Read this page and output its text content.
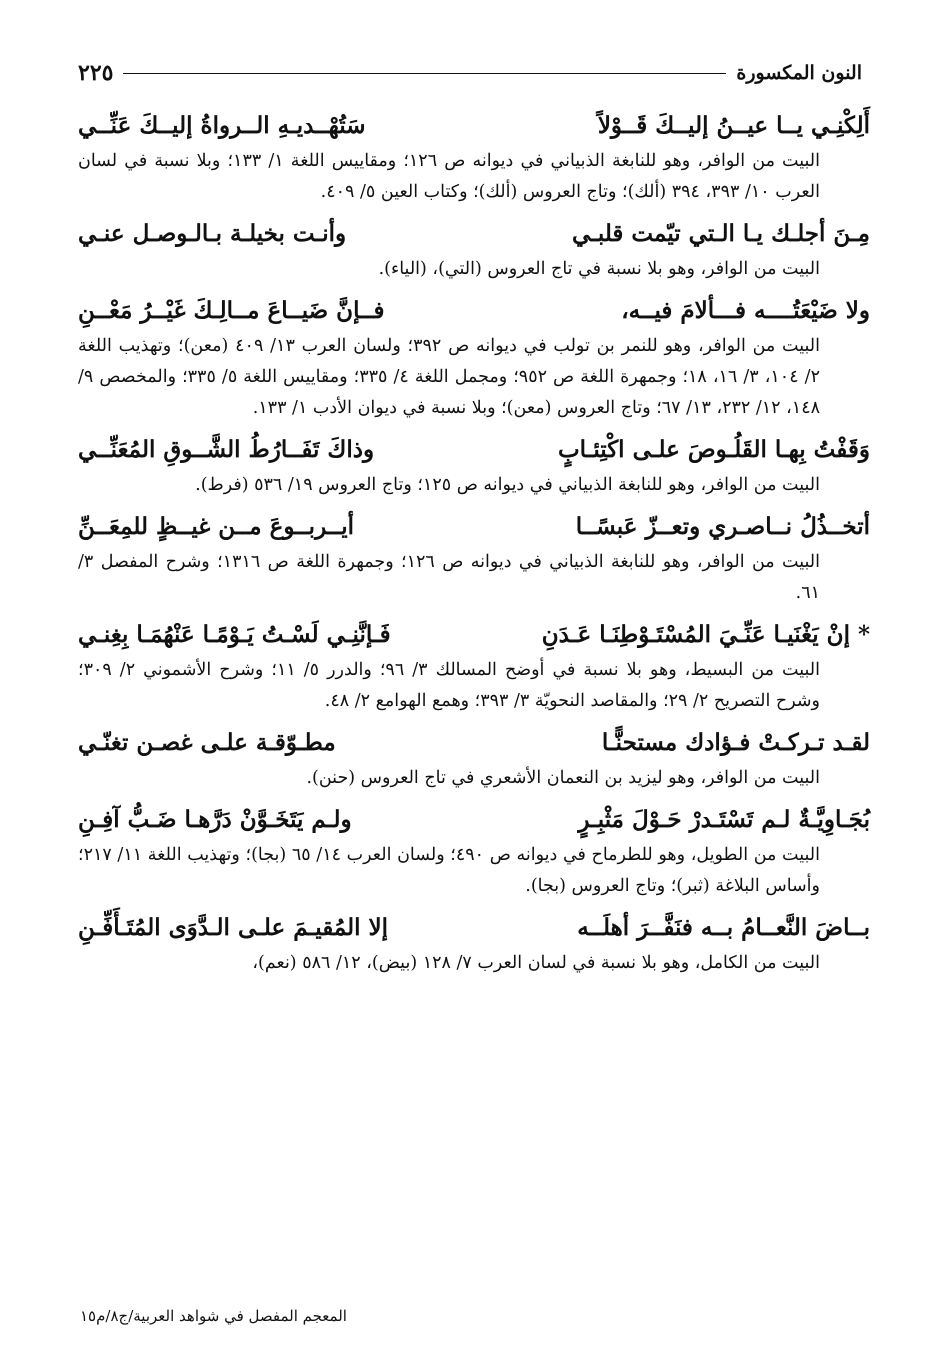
النون المكسورة
٢٢٥
أَلِكْنِـي يــا عيــنُ إليــكَ قَــوْلاً
سَتُهْــديـهِ الــرواةُ إليــكَ عَنِّــي
البيت من الوافر، وهو للنابغة الذبياني في ديوانه ص ١٢٦؛ ومقاييس اللغة ١/ ١٣٣؛ وبلا نسبة في لسان العرب ١٠/ ٣٩٣، ٣٩٤ (ألك)؛ وتاج العروس (ألك)؛ وكتاب العين ٥/ ٤٠٩.
مِـنَ أجلـك يـا الـتي تيّمت قلبـي
وأنـت بخيلـة بـالـوصـل عنـي
البيت من الوافر، وهو بلا نسبة في تاج العروس (التي)، (الياء).
ولا ضَيْعَتُــــه فـــألامَ فيــه،
فــإنَّ ضَيــاعَ مــالِـكَ غَيْــرُ مَعْــنِ
البيت من الوافر، وهو للنمر بن تولب في ديوانه ص ٣٩٢؛ ولسان العرب ١٣/ ٤٠٩ (معن)؛ وتهذيب اللغة ٢/ ١٠٤، ٣/ ١٦، ١٨؛ وجمهرة اللغة ص ٩٥٢؛ ومجمل اللغة ٤/ ٣٣٥؛ ومقاييس اللغة ٥/ ٣٣٥؛ والمخصص ٩/ ١٤٨، ١٢/ ٢٣٢، ١٣/ ٦٧؛ وتاج العروس (معن)؛ وبلا نسبة في ديوان الأدب ١/ ١٣٣.
وَقَفْتُ بِهـا القَلُـوصَ علـى اكْتِئـابٍ
وذاكَ تَفَــارُطُ الشَّــوقِ المُعَنِّــي
البيت من الوافر، وهو للنابغة الذبياني في ديوانه ص ١٢٥؛ وتاج العروس ١٩/ ٥٣٦ (فرط).
أتخــذُلُ نــاصـري وتعــزّ عَبسًــا
أيــربــوعَ مــن غيــظٍ للمِعَــنِّ
البيت من الوافر، وهو للنابغة الذبياني في ديوانه ص ١٢٦؛ وجمهرة اللغة ص ١٣١٦؛ وشرح المفصل ٣/ ٦١.
* إنْ يَغْنَيـا عَنِّـيَ المُسْتَـوْطِنَـا عَـدَنِ
فَـإنَّنِـي لَسْـتُ يَـوْمًـا عَنْهُمَـا بِغِنـي
البيت من البسيط، وهو بلا نسبة في أوضح المسالك ٣/ ٩٦؛ والدرر ٥/ ١١؛ وشرح الأشموني ٢/ ٣٠٩؛ وشرح التصريح ٢/ ٢٩؛ والمقاصد النحويّة ٣/ ٣٩٣؛ وهمع الهوامع ٢/ ٤٨.
لقـد تـركـتْ فـؤادك مستحنًّـا
مطـوّقـة علـى غصـن تغنّـي
البيت من الوافر، وهو ليزيد بن النعمان الأشعري في تاج العروس (حنن).
بُجَـاوِيَّـةٌ لـم تَسْتَـدرْ حَـوْلَ مَثْبِـرٍ
ولـم يَتَخَـوَّنْ دَرَّهـا ضَـبُّ آفِـنِ
البيت من الطويل، وهو للطرماح في ديوانه ص ٤٩٠؛ ولسان العرب ١٤/ ٦٥ (بجا)؛ وتهذيب اللغة ١١/ ٢١٧؛ وأساس البلاغة (ثبر)؛ وتاج العروس (بجا).
بــاضَ النَّعــامُ بــه فنَفَّــرَ أهلَــه
إلا المُقيـمَ علـى الـدَّوَى المُتَـأَفِّـنِ
البيت من الكامل، وهو بلا نسبة في لسان العرب ٧/ ١٢٨ (بيض)، ١٢/ ٥٨٦ (نعم)،
المعجم المفصل في شواهد العربية/ج٨/م١٥
